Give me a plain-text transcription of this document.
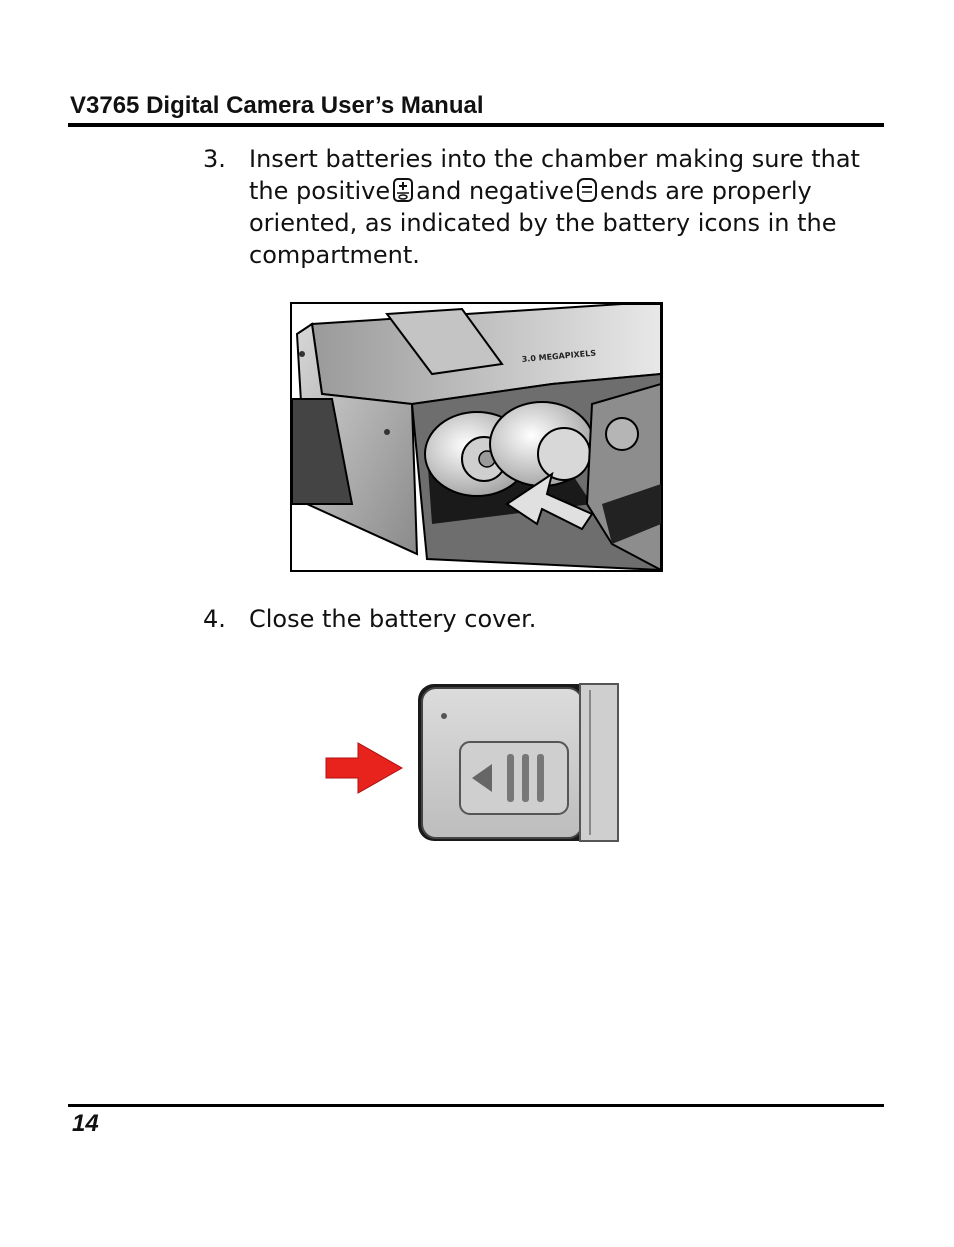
V3765 Digital Camera User’s Manual
3. Insert batteries into the chamber making sure that
the positive and negative ends are properly
oriented, as indicated by the battery icons in the
compartment.
3.0 MEGAPIXELS
4. Close the battery cover.
14
